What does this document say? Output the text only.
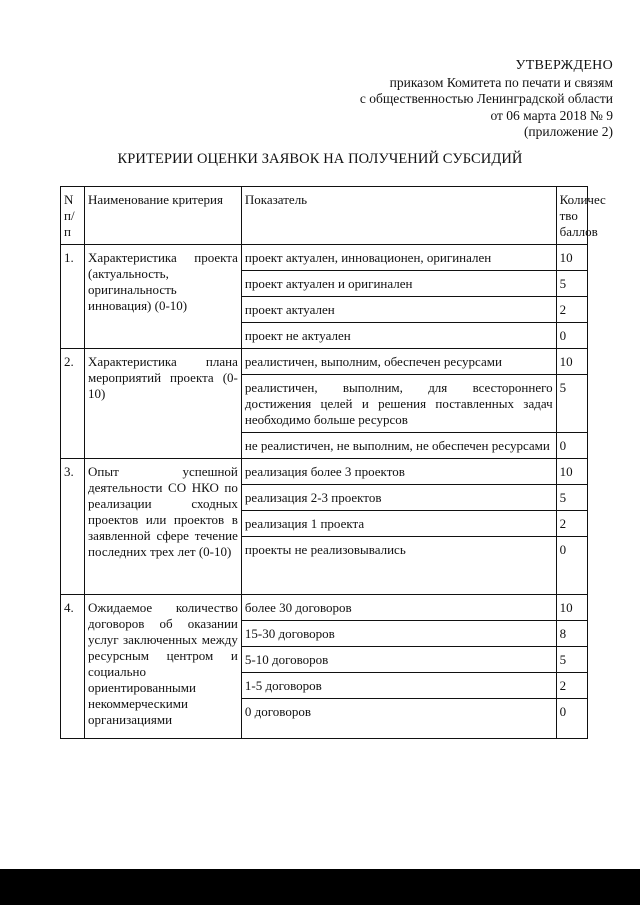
УТВЕРЖДЕНО
приказом Комитета по печати и связям
с общественностью Ленинградской области
от 06 марта 2018 № 9
(приложение 2)
КРИТЕРИИ ОЦЕНКИ ЗАЯВОК НА ПОЛУЧЕНИЙ СУБСИДИЙ
N п/п	Наименование критерия	Показатель	Количес тво баллов
1.	Характеристика проекта (актуальность, оригинальность инновация) (0-10)	проект актуален, инновационен, оригинален	10
		проект актуален и оригинален	5
		проект актуален	2
		проект не актуален	0
2.	Характеристика плана мероприятий проекта (0-10)	реалистичен, выполним, обеспечен ресурсами	10
		реалистичен, выполним, для всестороннего достижения целей и решения поставленных задач необходимо больше ресурсов	5
		не реалистичен, не выполним, не обеспечен ресурсами	0
3.	Опыт успешной деятельности СО НКО по реализации сходных проектов или проектов в заявленной сфере течение последних трех лет (0-10)	реализация более 3 проектов	10
		реализация 2-3 проектов	5
		реализация 1 проекта	2
		проекты не реализовывались	0
4.	Ожидаемое количество договоров об оказании услуг заключенных между ресурсным центром и социально ориентированными некоммерческими организациями	более 30 договоров	10
		15-30 договоров	8
		5-10 договоров	5
		1-5 договоров	2
		0 договоров	0
